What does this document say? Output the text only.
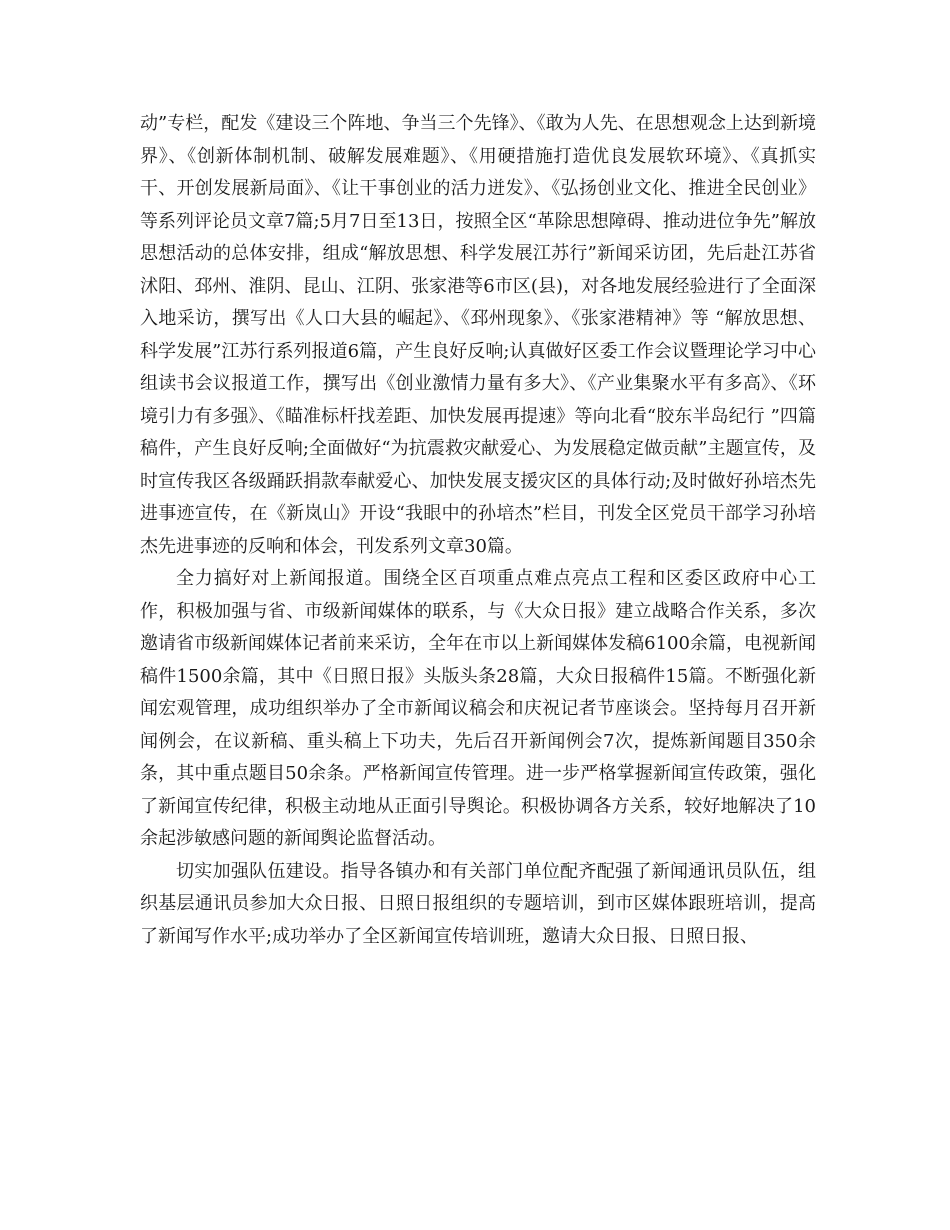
动”专栏，配发《建设三个阵地、争当三个先锋》、《敢为人先、在思想观念上达到新境界》、《创新体制机制、破解发展难题》、《用硬措施打造优良发展软环境》、《真抓实干、开创发展新局面》、《让干事创业的活力迸发》、《弘扬创业文化、推进全民创业》等系列评论员文章7篇;5月7日至13日，按照全区“革除思想障碍、推动进位争先”解放思想活动的总体安排，组成“解放思想、科学发展江苏行”新闻采访团，先后赴江苏省沭阳、邳州、淮阴、昆山、江阴、张家港等6市区(县)，对各地发展经验进行了全面深入地采访，撰写出《人口大县的崛起》、《邳州现象》、《张家港精神》等 “解放思想、科学发展”江苏行系列报道6篇，产生良好反响;认真做好区委工作会议暨理论学习中心组读书会议报道工作，撰写出《创业激情力量有多大》、《产业集聚水平有多高》、《环境引力有多强》、《瞄准标杆找差距、加快发展再提速》等向北看“胶东半岛纪行 ”四篇稿件，产生良好反响;全面做好“为抗震救灾献爱心、为发展稳定做贡献”主题宣传，及时宣传我区各级踊跃捐款奉献爱心、加快发展支援灾区的具体行动;及时做好孙培杰先进事迹宣传，在《新岚山》开设“我眼中的孙培杰”栏目，刊发全区党员干部学习孙培杰先进事迹的反响和体会，刊发系列文章30篇。

全力搞好对上新闻报道。围绕全区百项重点难点亮点工程和区委区政府中心工作，积极加强与省、市级新闻媒体的联系，与《大众日报》建立战略合作关系，多次邀请省市级新闻媒体记者前来采访，全年在市以上新闻媒体发稿6100余篇，电视新闻稿件1500余篇，其中《日照日报》头版头条28篇，大众日报稿件15篇。不断强化新闻宏观管理，成功组织举办了全市新闻议稿会和庆祝记者节座谈会。坚持每月召开新闻例会，在议新稿、重头稿上下功夫，先后召开新闻例会7次，提炼新闻题目350余条，其中重点题目50余条。严格新闻宣传管理。进一步严格掌握新闻宣传政策，强化了新闻宣传纪律，积极主动地从正面引导舆论。积极协调各方关系，较好地解决了10余起涉敏感问题的新闻舆论监督活动。

切实加强队伍建设。指导各镇办和有关部门单位配齐配强了新闻通讯员队伍，组织基层通讯员参加大众日报、日照日报组织的专题培训，到市区媒体跟班培训，提高了新闻写作水平;成功举办了全区新闻宣传培训班，邀请大众日报、日照日报、
